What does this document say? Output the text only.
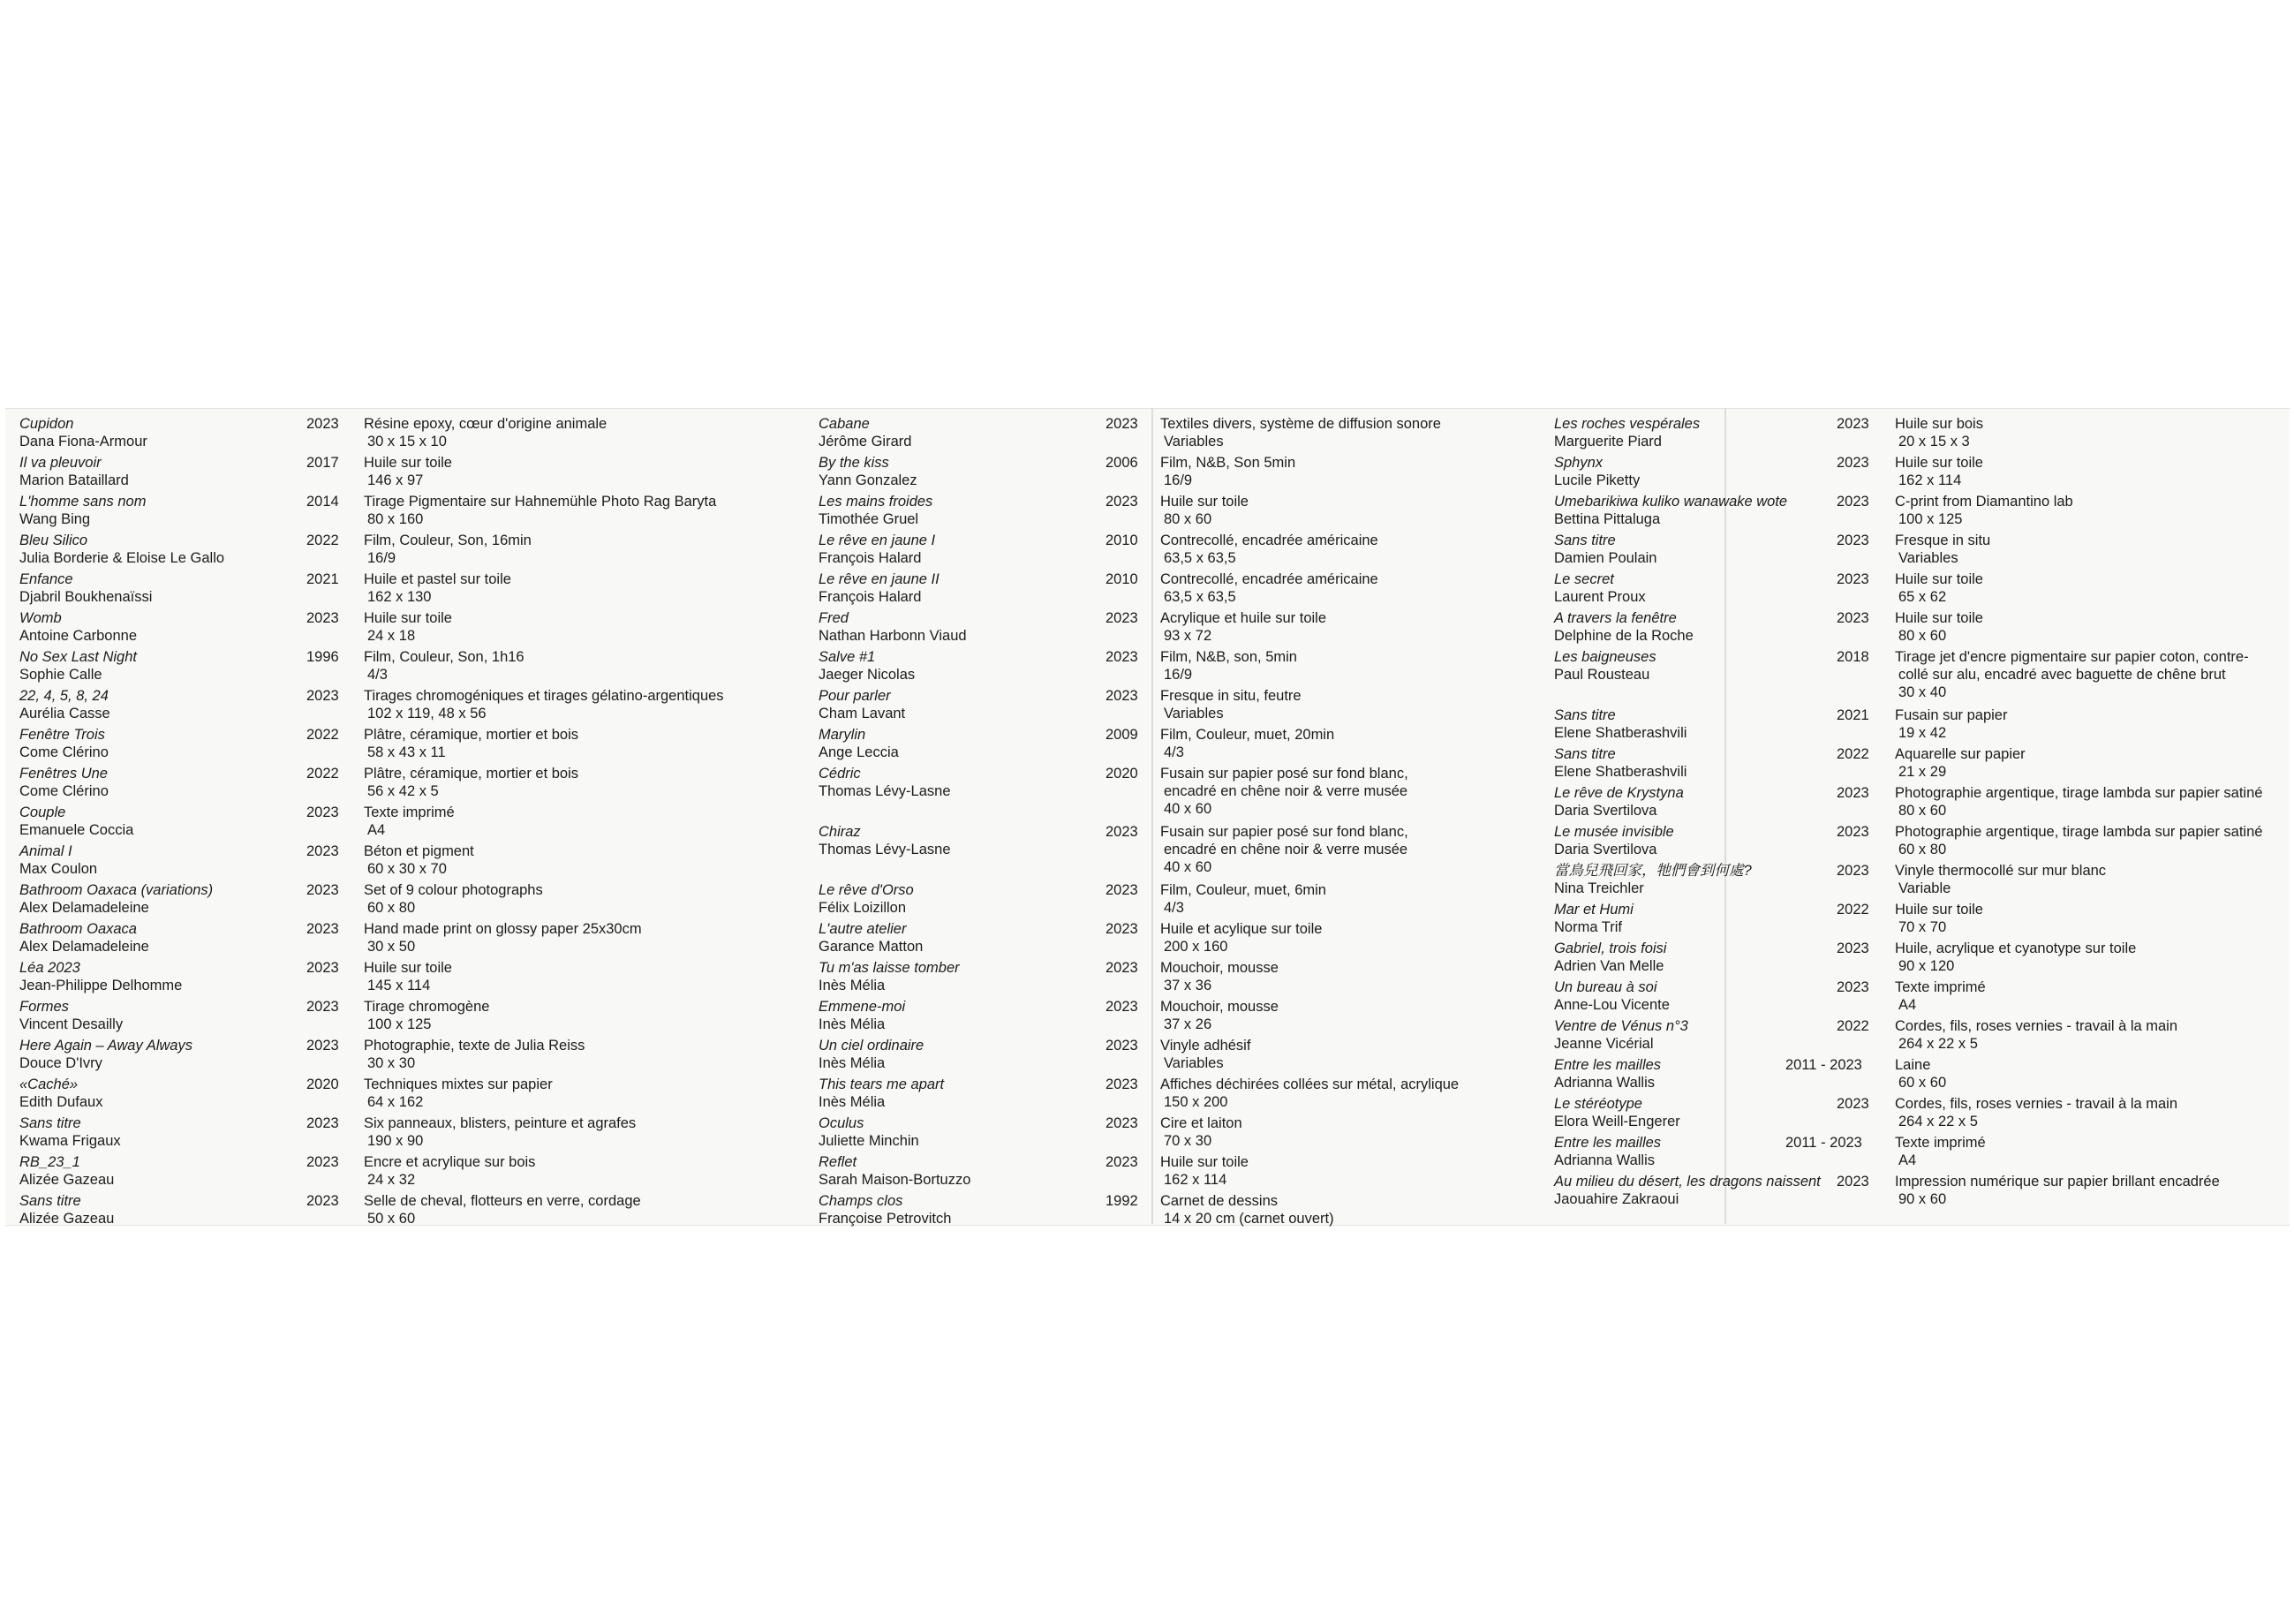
Cupidon
Dana Fiona-Armour
2023 Résine epoxy, cœur d'origine animale
30 x 15 x 10
Il va pleuvoir
Marion Bataillard
2017 Huile sur toile
146 x 97
L'homme sans nom
Wang Bing
2014 Tirage Pigmentaire sur Hahnemühle Photo Rag Baryta
80 x 160
Bleu Silico
Julia Borderie & Eloise Le Gallo
2022 Film, Couleur, Son, 16min
16/9
Enfance
Djabril Boukhenaïssi
2021 Huile et pastel sur toile
162 x 130
Womb
Antoine Carbonne
2023 Huile sur toile
24 x 18
No Sex Last Night
Sophie Calle
1996 Film, Couleur, Son, 1h16
4/3
22, 4, 5, 8, 24
Aurélia Casse
2023 Tirages chromogéniques et tirages gélatino-argentiques
102 x 119, 48 x 56
Fenêtre Trois
Come Clérino
2022 Plâtre, céramique, mortier et bois
58 x 43 x 11
Fenêtres Une
Come Clérino
2022 Plâtre, céramique, mortier et bois
56 x 42 x 5
Couple
Emanuele Coccia
2023 Texte imprimé
A4
Animal I
Max Coulon
2023 Béton et pigment
60 x 30 x 70
Bathroom Oaxaca (variations)
Alex Delamadeleine
2023 Set of 9 colour photographs
60 x 80
Bathroom Oaxaca
Alex Delamadeleine
2023 Hand made print on glossy paper 25x30cm
30 x 50
Léa 2023
Jean-Philippe Delhomme
2023 Huile sur toile
145 x 114
Formes
Vincent Desailly
2023 Tirage chromogène
100 x 125
Here Again – Away Always
Douce D'Ivry
2023 Photographie, texte de Julia Reiss
30 x 30
«Caché»
Edith Dufaux
2020 Techniques mixtes sur papier
64 x 162
Sans titre
Kwama Frigaux
2023 Six panneaux, blisters, peinture et agrafes
190 x 90
RB_23_1
Alizée Gazeau
2023 Encre et acrylique sur bois
24 x 32
Sans titre
Alizée Gazeau
2023 Selle de cheval, flotteurs en verre, cordage
50 x 60
Cabane
Jérôme Girard
2023 Textiles divers, système de diffusion sonore
Variables
By the kiss
Yann Gonzalez
2006 Film, N&B, Son 5min
16/9
Les mains froides
Timothée Gruel
2023 Huile sur toile
80 x 60
Le rêve en jaune I
François Halard
2010 Contrecollé, encadrée américaine
63,5 x 63,5
Le rêve en jaune II
François Halard
2010 Contrecollé, encadrée américaine
63,5 x 63,5
Fred
Nathan Harbonn Viaud
2023 Acrylique et huile sur toile
93 x 72
Salve #1
Jaeger Nicolas
2023 Film, N&B, son, 5min
16/9
Pour parler
Cham Lavant
2023 Fresque in situ, feutre
Variables
Marylin
Ange Leccia
2009 Film, Couleur, muet, 20min
4/3
Cédric
Thomas Lévy-Lasne
2020 Fusain sur papier posé sur fond blanc,
encadré en chêne noir & verre musée
40 x 60
Chiraz
Thomas Lévy-Lasne
2023 Fusain sur papier posé sur fond blanc,
encadré en chêne noir & verre musée
40 x 60
Le rêve d'Orso
Félix Loizillon
2023 Film, Couleur, muet, 6min
4/3
L'autre atelier
Garance Matton
2023 Huile et acylique sur toile
200 x 160
Tu m'as laisse tomber
Inès Mélia
2023 Mouchoir, mousse
37 x 36
Emmene-moi
Inès Mélia
2023 Mouchoir, mousse
37 x 26
Un ciel ordinaire
Inès Mélia
2023 Vinyle adhésif
Variables
This tears me apart
Inès Mélia
2023 Affiches déchirées collées sur métal, acrylique
150 x 200
Oculus
Juliette Minchin
2023 Cire et laiton
70 x 30
Reflet
Sarah Maison-Bortuzzo
2023 Huile sur toile
162 x 114
Champs clos
Françoise Petrovitch
1992 Carnet de dessins
14 x 20 cm (carnet ouvert)
Les roches vespérales
Marguerite Piard
2023 Huile sur bois
20 x 15 x 3
Sphynx
Lucile Piketty
2023 Huile sur toile
162 x 114
Umebarikiwa kuliko wanawake wote
Bettina Pittaluga
2023 C-print from Diamantino lab
100 x 125
Sans titre
Damien Poulain
2023 Fresque in situ
Variables
Le secret
Laurent Proux
2023 Huile sur toile
65 x 62
A travers la fenêtre
Delphine de la Roche
2023 Huile sur toile
80 x 60
Les baigneuses
Paul Rousteau
2018 Tirage jet d'encre pigmentaire sur papier coton, contre-
collé sur alu, encadré avec baguette de chêne brut
30 x 40
Sans titre
Elene Shatberashvili
2021 Fusain sur papier
19 x 42
Sans titre
Elene Shatberashvili
2022 Aquarelle sur papier
21 x 29
Le rêve de Krystyna
Daria Svertilova
2023 Photographie argentique, tirage lambda sur papier satiné
80 x 60
Le musée invisible
Daria Svertilova
2023 Photographie argentique, tirage lambda sur papier satiné
60 x 80
當鳥兒飛回家，牠們會到何處?
Nina Treichler
2023 Vinyle thermocollé sur mur blanc
Variable
Mar et Humi
Norma Trif
2022 Huile sur toile
70 x 70
Gabriel, trois foisi
Adrien Van Melle
2023 Huile, acrylique et cyanotype sur toile
90 x 120
Un bureau à soi
Anne-Lou Vicente
2023 Texte imprimé
A4
Ventre de Vénus n°3
Jeanne Vicérial
2022 Cordes, fils, roses vernies - travail à la main
264 x 22 x 5
Entre les mailles
Adrianna Wallis
2011 - 2023 Laine
60 x 60
Le stéréotype
Elora Weill-Engerer
2023 Cordes, fils, roses vernies - travail à la main
264 x 22 x 5
Entre les mailles
Adrianna Wallis
2011 - 2023 Texte imprimé
A4
Au milieu du désert, les dragons naissent
Jaouahire Zakraoui
2023 Impression numérique sur papier brillant encadrée
90 x 60
